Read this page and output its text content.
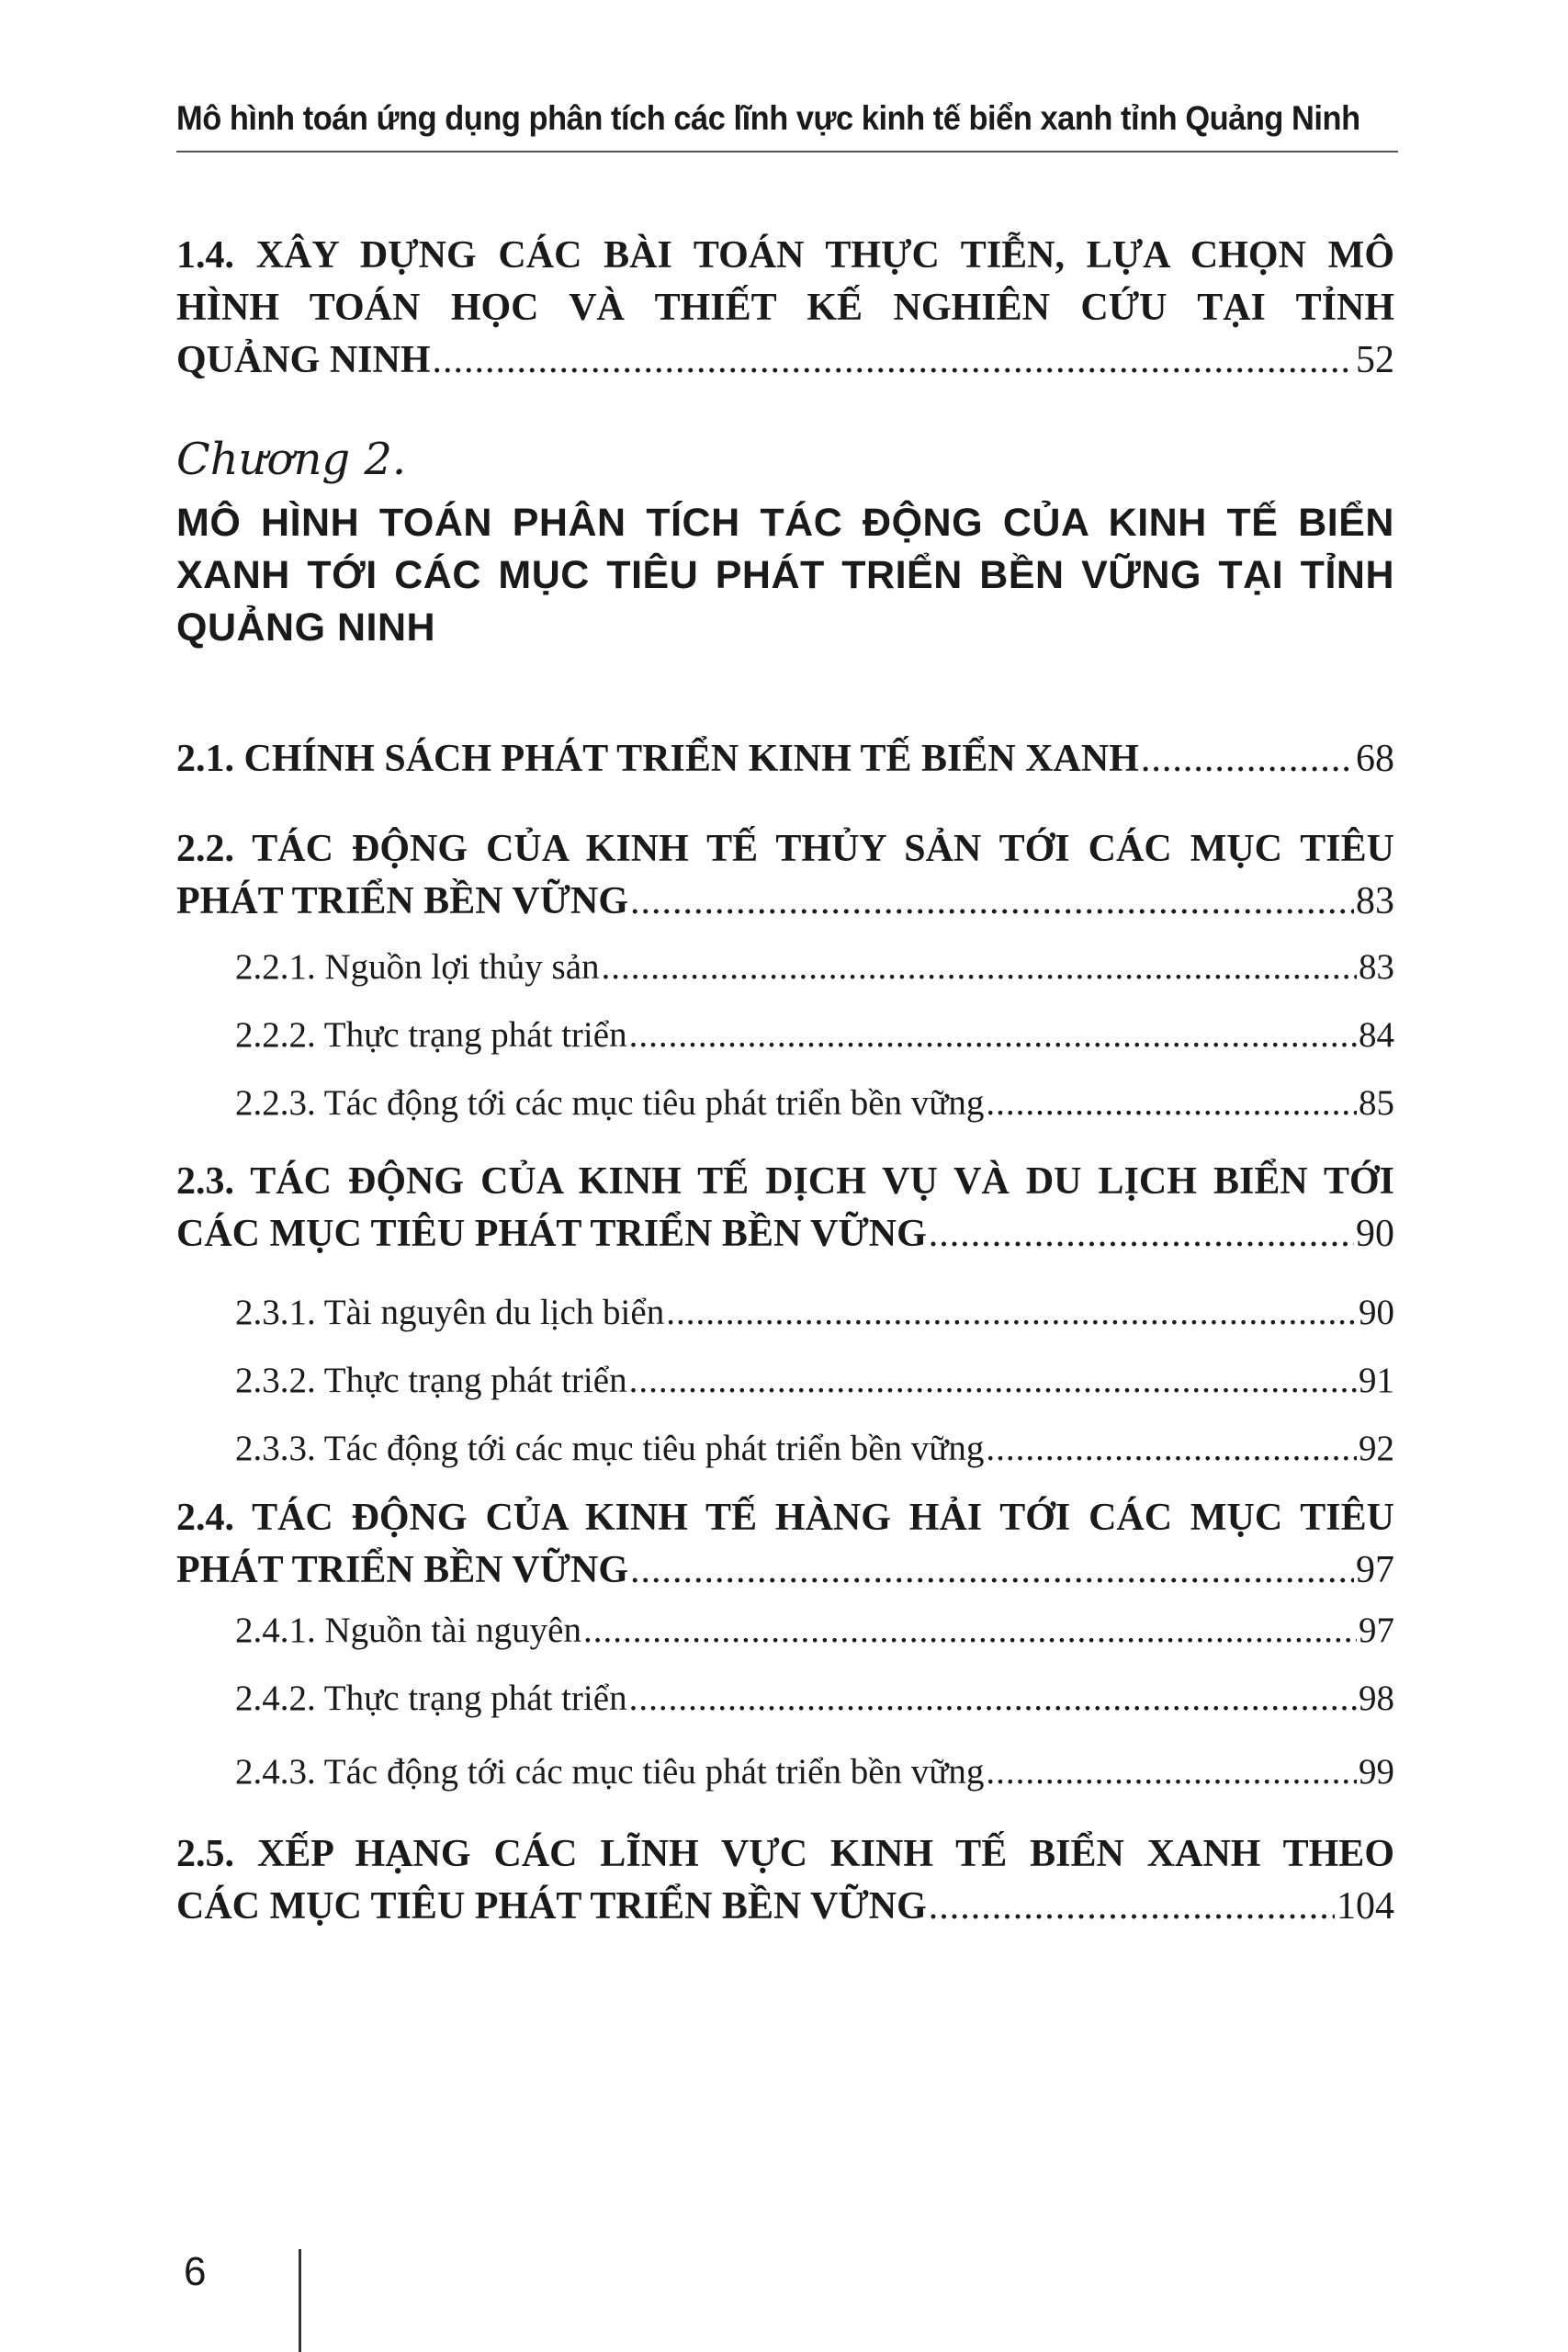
Mô hình toán ứng dụng phân tích các lĩnh vực kinh tế biển xanh tỉnh Quảng Ninh
1.4. XÂY DỰNG CÁC BÀI TOÁN THỰC TIỄN, LỰA CHỌN MÔ
HÌNH TOÁN HỌC VÀ THIẾT KẾ NGHIÊN CỨU TẠI TỈNH
QUẢNG NINH .....	52
Chương 2.
MÔ HÌNH TOÁN PHÂN TÍCH TÁC ĐỘNG CỦA KINH TẾ BIỂN
XANH TỚI CÁC MỤC TIÊU PHÁT TRIỂN BỀN VỮNG TẠI TỈNH
QUẢNG NINH
2.1. CHÍNH SÁCH PHÁT TRIỂN KINH TẾ BIỂN XANH .....	68
2.2. TÁC ĐỘNG CỦA KINH TẾ THỦY SẢN TỚI CÁC MỤC TIÊU
PHÁT TRIỂN BỀN VỮNG .....	83
2.2.1. Nguồn lợi thủy sản .....	83
2.2.2. Thực trạng phát triển .....	84
2.2.3. Tác động tới các mục tiêu phát triển bền vững .....	85
2.3. TÁC ĐỘNG CỦA KINH TẾ DỊCH VỤ VÀ DU LỊCH BIỂN TỚI
CÁC MỤC TIÊU PHÁT TRIỂN BỀN VỮNG .....	90
2.3.1. Tài nguyên du lịch biển .....	90
2.3.2. Thực trạng phát triển .....	91
2.3.3. Tác động tới các mục tiêu phát triển bền vững .....	92
2.4. TÁC ĐỘNG CỦA KINH TẾ HÀNG HẢI TỚI CÁC MỤC TIÊU
PHÁT TRIỂN BỀN VỮNG .....	97
2.4.1. Nguồn tài nguyên .....	97
2.4.2. Thực trạng phát triển .....	98
2.4.3. Tác động tới các mục tiêu phát triển bền vững .....	99
2.5. XẾP HẠNG CÁC LĨNH VỰC KINH TẾ BIỂN XANH THEO
CÁC MỤC TIÊU PHÁT TRIỂN BỀN VỮNG .....	104
6
